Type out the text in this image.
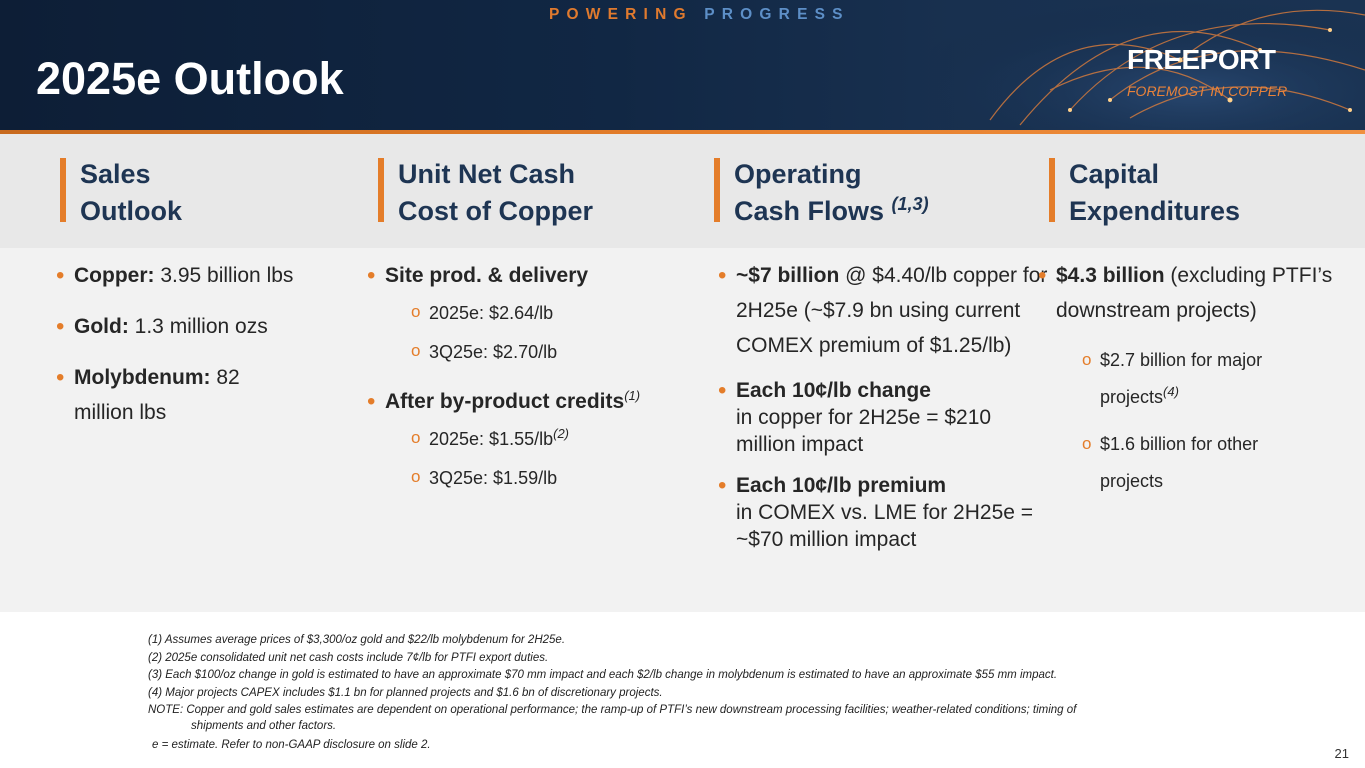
POWERING PROGRESS
2025e Outlook	FREEPORT
FOREMOST IN COPPER
Sales
Outlook
Unit Net Cash
Cost of Copper
Operating
Cash Flows $^{(1,3)}$
Capital
Expenditures
• Copper: 3.95 billion lbs
• Gold: 1.3 million ozs
• Molybdenum: 82 million lbs
• Site prod. & delivery
o 2025e: $2.64/lb
o 3Q25e: $2.70/lb
• After by-product credits$^{(1)}$
o 2025e: $1.55/lb$^{(2)}$
o 3Q25e: $1.59/lb
• ~$7 billion @ $4.40/lb copper for 2H25e (~$7.9 bn using current COMEX premium of $1.25/lb)
• Each 10¢/lb change
in copper for 2H25e = $210 million impact
• Each 10¢/lb premium
in COMEX vs. LME for 2H25e = ~$70 million impact
• $4.3 billion (excluding PTFI’s downstream projects)
o $2.7 billion for major projects$^{(4)}$
o $1.6 billion for other projects
(1) Assumes average prices of $3,300/oz gold and $22/lb molybdenum for 2H25e.
(2) 2025e consolidated unit net cash costs include 7¢/lb for PTFI export duties.
(3) Each $100/oz change in gold is estimated to have an approximate $70 mm impact and each $2/lb change in molybdenum is estimated to have an approximate $55 mm impact.
(4) Major projects CAPEX includes $1.1 bn for planned projects and $1.6 bn of discretionary projects.
NOTE: Copper and gold sales estimates are dependent on operational performance; the ramp-up of PTFI’s new downstream processing facilities; weather-related conditions; timing of
shipments and other factors.
e = estimate. Refer to non-GAAP disclosure on slide 2.
21
